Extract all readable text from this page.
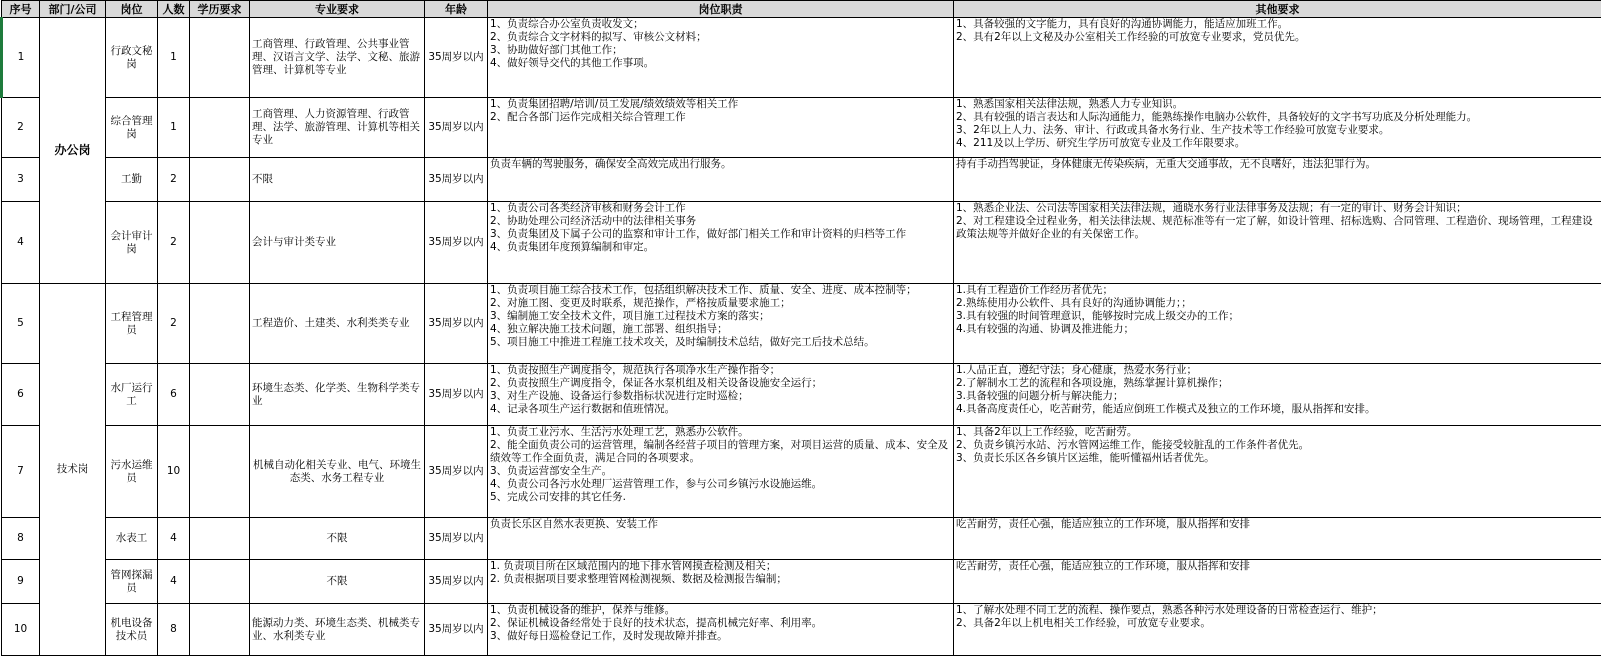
序号	部门/公司	岗位	人数	学历要求	专业要求	年龄	岗位职责	其他要求
1	办公岗	行政文秘岗	1		工商管理、行政管理、公共事业管理、汉语言文学、法学、文秘、旅游管理、计算机等专业	35周岁以内	1、负责综合办公室负责收发文；
2、负责综合文字材料的拟写、审核公文材料；
3、协助做好部门其他工作；
4、做好领导交代的其他工作事项。	1、具备较强的文字能力，具有良好的沟通协调能力，能适应加班工作。
2、具有2年以上文秘及办公室相关工作经验的可放宽专业要求，党员优先。
2		综合管理岗	1		工商管理、人力资源管理、行政管理、法学、旅游管理、计算机等相关专业	35周岁以内	1、负责集团招聘/培训/员工发展/绩效绩效等相关工作
2、配合各部门运作完成相关综合管理工作	1、熟悉国家相关法律法规，熟悉人力专业知识。
2、具有较强的语言表达和人际沟通能力，能熟练操作电脑办公软件，具备较好的文字书写功底及分析处理能力。
3、2年以上人力、法务、审计、行政或具备水务行业、生产技术等工作经验可放宽专业要求。
4、211及以上学历、研究生学历可放宽专业及工作年限要求。
3		工勤	2		不限	35周岁以内	负责车辆的驾驶服务，确保安全高效完成出行服务。	持有手动挡驾驶证，身体健康无传染疾病，无重大交通事故，无不良嗜好，违法犯罪行为。
4		会计审计岗	2		会计与审计类专业	35周岁以内	1、负责公司各类经济审核和财务会计工作
2、协助处理公司经济活动中的法律相关事务
3、负责集团及下属子公司的监察和审计工作，做好部门相关工作和审计资料的归档等工作
4、负责集团年度预算编制和审定。	1、熟悉企业法、公司法等国家相关法律法规，通晓水务行业法律事务及法规；有一定的审计、财务会计知识；
2、对工程建设全过程业务，相关法律法规、规范标准等有一定了解，如设计管理、招标选购、合同管理、工程造价、现场管理，工程建设政策法规等并做好企业的有关保密工作。
5	技术岗	工程管理员	2		工程造价、土建类、水利类类专业	35周岁以内	1、负责项目施工综合技术工作，包括组织解决技术工作、质量、安全、进度、成本控制等；
2、对施工图、变更及时联系，规范操作，严格按质量要求施工；
3、编制施工安全技术文件，项目施工过程技术方案的落实；
4、独立解决施工技术问题，施工部署、组织指导；
5、项目施工中推进工程施工技术攻关，及时编制技术总结，做好完工后技术总结。	1.具有工程造价工作经历者优先；
2.熟练使用办公软件、具有良好的沟通协调能力；；
3.具有较强的时间管理意识，能够按时完成上级交办的工作；
4.具有较强的沟通、协调及推进能力；
6		水厂运行工	6		环境生态类、化学类、生物科学类专业	35周岁以内	1、负责按照生产调度指令，规范执行各项净水生产操作指令；
2、负责按照生产调度指令，保证各水泵机组及相关设备设施安全运行；
3、对生产设施、设备运行参数指标状况进行定时巡检；
4、记录各项生产运行数据和值班情况。	1.人品正直，遵纪守法；身心健康，热爱水务行业；
2.了解制水工艺的流程和各项设施，熟练掌握计算机操作；
3.具备较强的问题分析与解决能力；
4.具备高度责任心，吃苦耐劳，能适应倒班工作模式及独立的工作环境，服从指挥和安排。
7		污水运维员	10		机械自动化相关专业、电气、环境生态类、水务工程专业	35周岁以内	1、负责工业污水、生活污水处理工艺，熟悉办公软件。
2、能全面负责公司的运营管理，编制各经营子项目的管理方案，对项目运营的质量、成本、安全及绩效等工作全面负责，满足合同的各项要求。
3、负责运营部安全生产。
4、负责公司各污水处理厂运营管理工作，参与公司乡镇污水设施运维。
5、完成公司安排的其它任务.	1、具备2年以上工作经验，吃苦耐劳。
2、负责乡镇污水站、污水管网运维工作，能接受较脏乱的工作条件者优先。
3、负责长乐区各乡镇片区运维，能听懂福州话者优先。
8		水表工	4		不限	35周岁以内	负责长乐区自然水表更换、安装工作	吃苦耐劳，责任心强，能适应独立的工作环境，服从指挥和安排
9		管网探漏员	4		不限	35周岁以内	1. 负责项目所在区域范围内的地下排水管网摸查检测及相关；
2. 负责根据项目要求整理管网检测视频、数据及检测报告编制；	吃苦耐劳，责任心强，能适应独立的工作环境，服从指挥和安排
10		机电设备技术员	8		能源动力类、环境生态类、机械类专业、水利类专业	35周岁以内	1、负责机械设备的维护，保养与维修。
2、保证机械设备经常处于良好的技术状态，提高机械完好率、利用率。
3、做好每日巡检登记工作，及时发现故障并排查。	1、了解水处理不同工艺的流程、操作要点，熟悉各种污水处理设备的日常检查运行、维护；
2、具备2年以上机电相关工作经验，可放宽专业要求。
